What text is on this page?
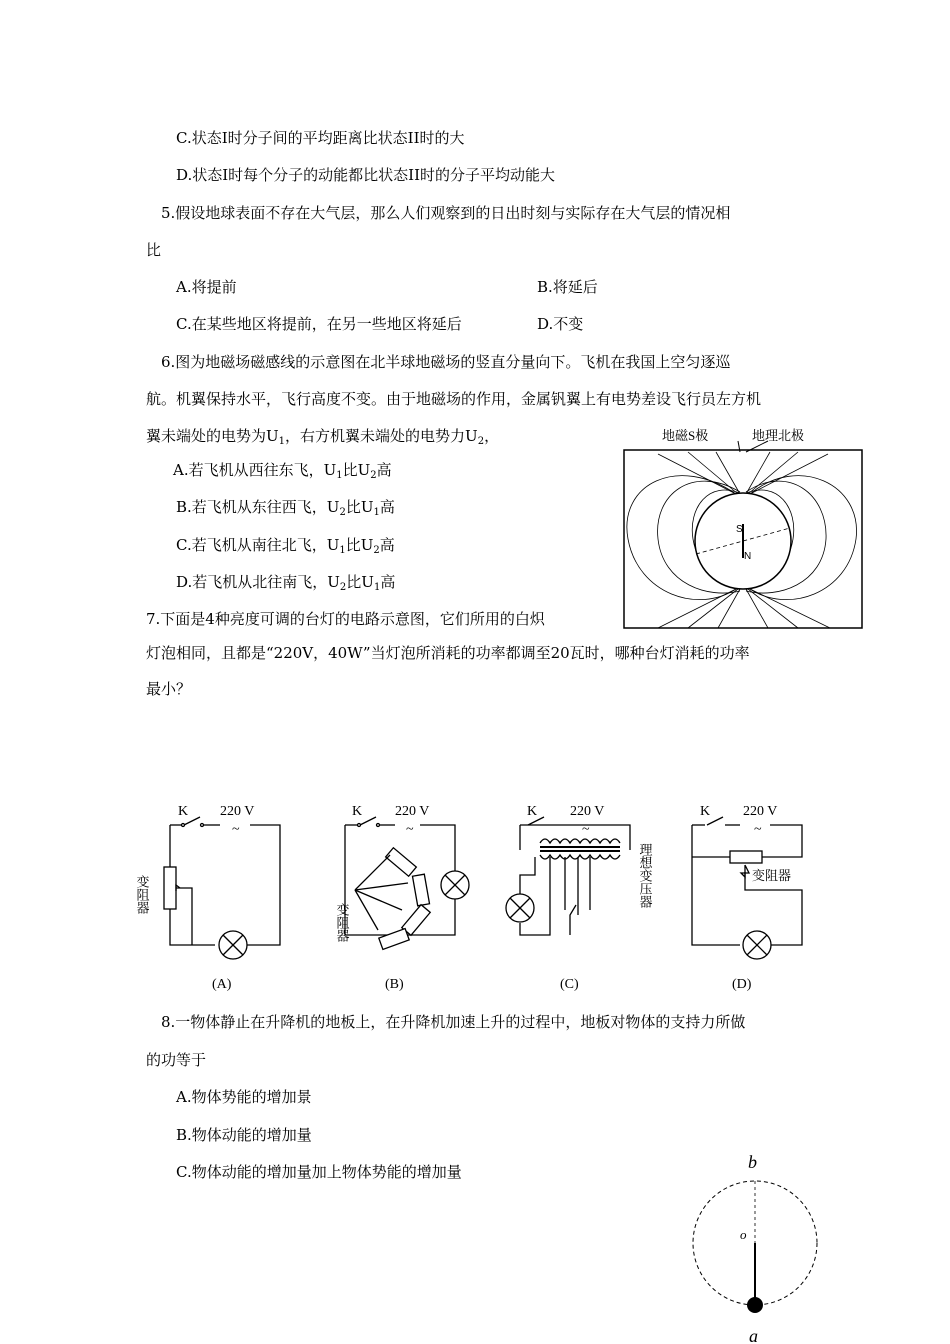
C.状态Ⅰ时分子间的平均距离比状态II时的大
D.状态Ⅰ时每个分子的动能都比状态II时的分子平均动能大
5.假设地球表面不存在大气层，那么人们观察到的日出时刻与实际存在大气层的情况相
比
A.将提前	B.将延后
C.在某些地区将提前，在另一些地区将延后	D.不变
6.图为地磁场磁感线的示意图在北半球地磁场的竖直分量向下。飞机在我国上空匀逐巡
航。机翼保持水平，飞行高度不变。由于地磁场的作用，金属钒翼上有电势差设飞行员左方机
翼未端处的电势为$U_1$，右方机翼未端处的电势力$U_2$，
A.若飞机从西往东飞，$U_1$比$U_2$高
B.若飞机从东往西飞，$U_2$比$U_1$高
C.若飞机从南往北飞，$U_1$比$U_2$高
D.若飞机从北往南飞，$U_2$比$U_1$高
地磁S极	地理北极
S
N
7.下面是4种亮度可调的台灯的电路示意图，它们所用的白炽
灯泡相同，且都是“220V，40W”当灯泡所消耗的功率都调至20瓦时，哪种台灯消耗的功率
最小？
K 220 V
~
变阻器
(A)
K 220 V
~
变阻器
(B)
K 220 V
~
理想变压器
(C)
K 220 V
~
变阻器
(D)
8.一物体静止在升降机的地板上，在升降机加速上升的过程中，地板对物体的支持力所做
的功等于
A.物体势能的增加景
B.物体动能的增加量
C.物体动能的增加量加上物体势能的增加量	b
o
a
